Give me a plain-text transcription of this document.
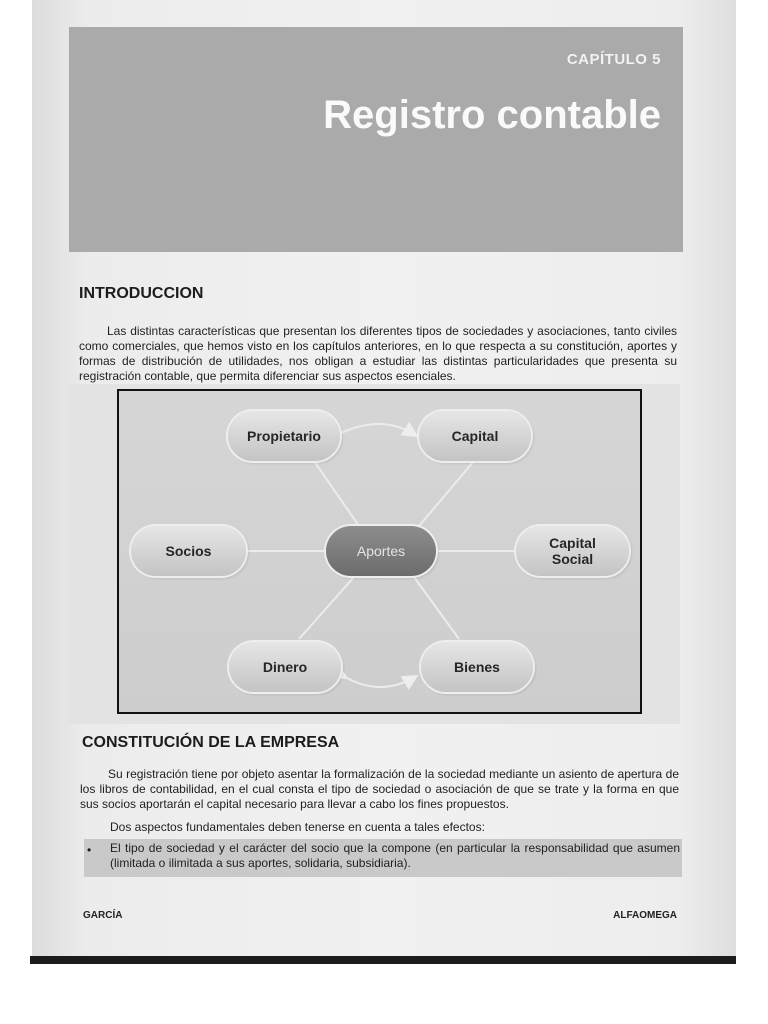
CAPÍTULO 5
Registro contable
INTRODUCCION

Las distintas características que presentan los diferentes tipos de sociedades y asociaciones, tanto civiles como comerciales, que hemos visto en los capítulos anteriores, en lo que respecta a su constitución, aportes y formas de distribución de utilidades, nos obligan a estudiar las distintas particularidades que presenta su registración contable, que permita diferenciar sus aspectos esenciales.

Propietario	Capital
Socios	Aportes	Capital Social
Dinero	Bienes
CONSTITUCIÓN DE LA EMPRESA

Su registración tiene por objeto asentar la formalización de la sociedad mediante un asiento de apertura de los libros de contabilidad, en el cual consta el tipo de sociedad o asociación de que se trate y la forma en que sus socios aportarán el capital necesario para llevar a cabo los fines propuestos.

Dos aspectos fundamentales deben tenerse en cuenta a tales efectos:

• El tipo de sociedad y el carácter del socio que la compone (en particular la responsabilidad que asumen (limitada o ilimitada a sus aportes, solidaria, subsidiaria).

GARCÍA	ALFAOMEGA
